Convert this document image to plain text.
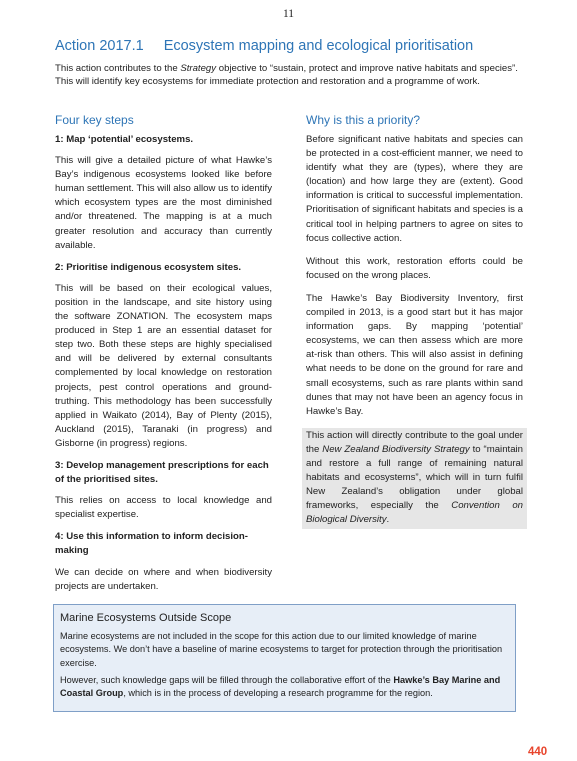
11
Action 2017.1 Ecosystem mapping and ecological prioritisation
This action contributes to the Strategy objective to “sustain, protect and improve native habitats and species”. This will identify key ecosystems for immediate protection and restoration and a programme of work.
Four key steps
1: Map ‘potential’ ecosystems.
This will give a detailed picture of what Hawke’s Bay’s indigenous ecosystems looked like before human settlement. This will also allow us to identify which ecosystem types are the most diminished and/or threatened. The mapping is at a much greater resolution and accuracy than currently available.
2: Prioritise indigenous ecosystem sites.
This will be based on their ecological values, position in the landscape, and site history using the software ZONATION. The ecosystem maps produced in Step 1 are an essential dataset for step two. Both these steps are highly specialised and will be delivered by external consultants complemented by local knowledge on restoration projects, pest control operations and ground-truthing. This methodology has been successfully applied in Waikato (2014), Bay of Plenty (2015), Auckland (2015), Taranaki (in progress) and Gisborne (in progress) regions.
3: Develop management prescriptions for each of the prioritised sites.
This relies on access to local knowledge and specialist expertise.
4: Use this information to inform decision-making
We can decide on where and when biodiversity projects are undertaken.
Why is this a priority?
Before significant native habitats and species can be protected in a cost-efficient manner, we need to identify what they are (types), where they are (location) and how large they are (extent). Good information is critical to successful implementation. Prioritisation of significant habitats and species is a critical tool in helping partners to agree on sites to focus collective action.
Without this work, restoration efforts could be focused on the wrong places.
The Hawke’s Bay Biodiversity Inventory, first compiled in 2013, is a good start but it has major information gaps. By mapping ‘potential’ ecosystems, we can then assess which are more at-risk than others. This will also assist in defining what needs to be done on the ground for rare and small ecosystems, such as rare plants within sand dunes that may not have been an agency focus in Hawke’s Bay.
This action will directly contribute to the goal under the New Zealand Biodiversity Strategy to “maintain and restore a full range of remaining natural habitats and ecosystems”, which will in turn fulfil New Zealand’s obligation under global frameworks, especially the Convention on Biological Diversity.
Marine Ecosystems Outside Scope
Marine ecosystems are not included in the scope for this action due to our limited knowledge of marine ecosystems. We don’t have a baseline of marine ecosystems to target for protection through the prioritisation exercise.
However, such knowledge gaps will be filled through the collaborative effort of the Hawke’s Bay Marine and Coastal Group, which is in the process of developing a research programme for the region.
440
